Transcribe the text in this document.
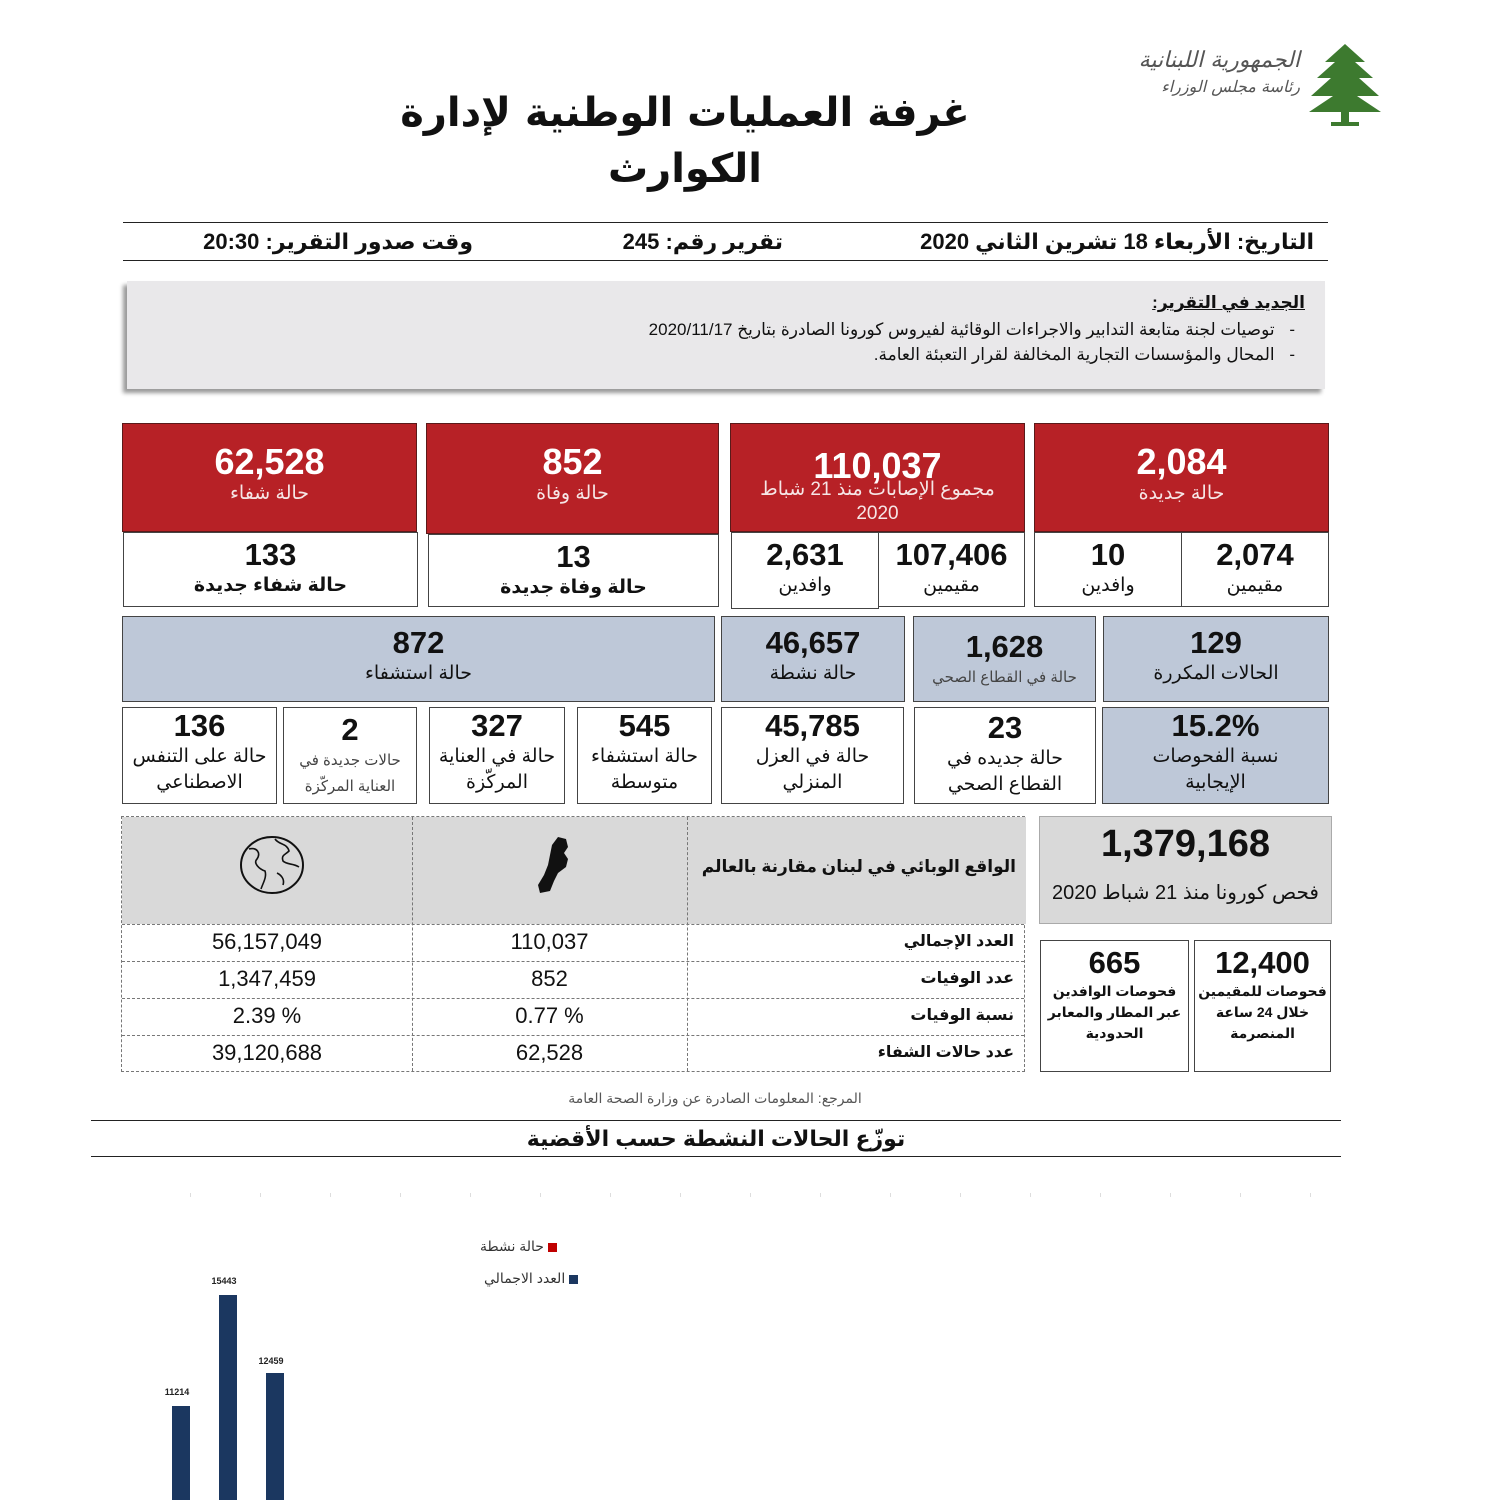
الجمهورية اللبنانية
رئاسة مجلس الوزراء
غرفة العمليات الوطنية لإدارة
الكوارث
التاريخ: الأربعاء 18 تشرين الثاني 2020
تقرير رقم: 245
وقت صدور التقرير: 20:30
الجديد في التقرير:
- توصيات لجنة متابعة التدابير والاجراءات الوقائية لفيروس كورونا الصادرة بتاريخ 2020/11/17
- المحال والمؤسسات التجارية المخالفة لقرار التعبئة العامة.
2,084
حالة جديدة
110,037
مجموع الإصابات منذ 21 شباط 2020
852
حالة وفاة
62,528
حالة شفاء
2,074
مقيمين
10
وافدين
107,406
مقيمين
2,631
وافدين
13
حالة وفاة جديدة
133
حالة شفاء جديدة
129
الحالات المكررة
1,628
حالة في القطاع الصحي
46,657
حالة نشطة
872
حالة استشفاء
15.2%
نسبة الفحوصات
الإيجابية
23
حالة جديده في
القطاع الصحي
45,785
حالة في العزل
المنزلي
545
حالة استشفاء
متوسطة
327
حالة في العناية
المركّزة
2
حالات جديدة في
العناية المركّزة
136
حالة على التنفس
الاصطناعي
الواقع الوبائي في لبنان مقارنة بالعالم
56,157,049	110,037	العدد الإجمالي
1,347,459	852	عدد الوفيات
2.39 %	0.77 %	نسبة الوفيات
39,120,688	62,528	عدد حالات الشفاء
1,379,168
فحص كورونا منذ 21 شباط 2020
12,400
فحوصات للمقيمين
خلال 24 ساعة
المنصرمة
665
فحوصات الوافدين
عبر المطار والمعابر
الحدودية
المرجع: المعلومات الصادرة عن وزارة الصحة العامة
توزّع الحالات النشطة حسب الأقضية
حالة نشطة
العدد الاجمالي
11214
15443
12459
